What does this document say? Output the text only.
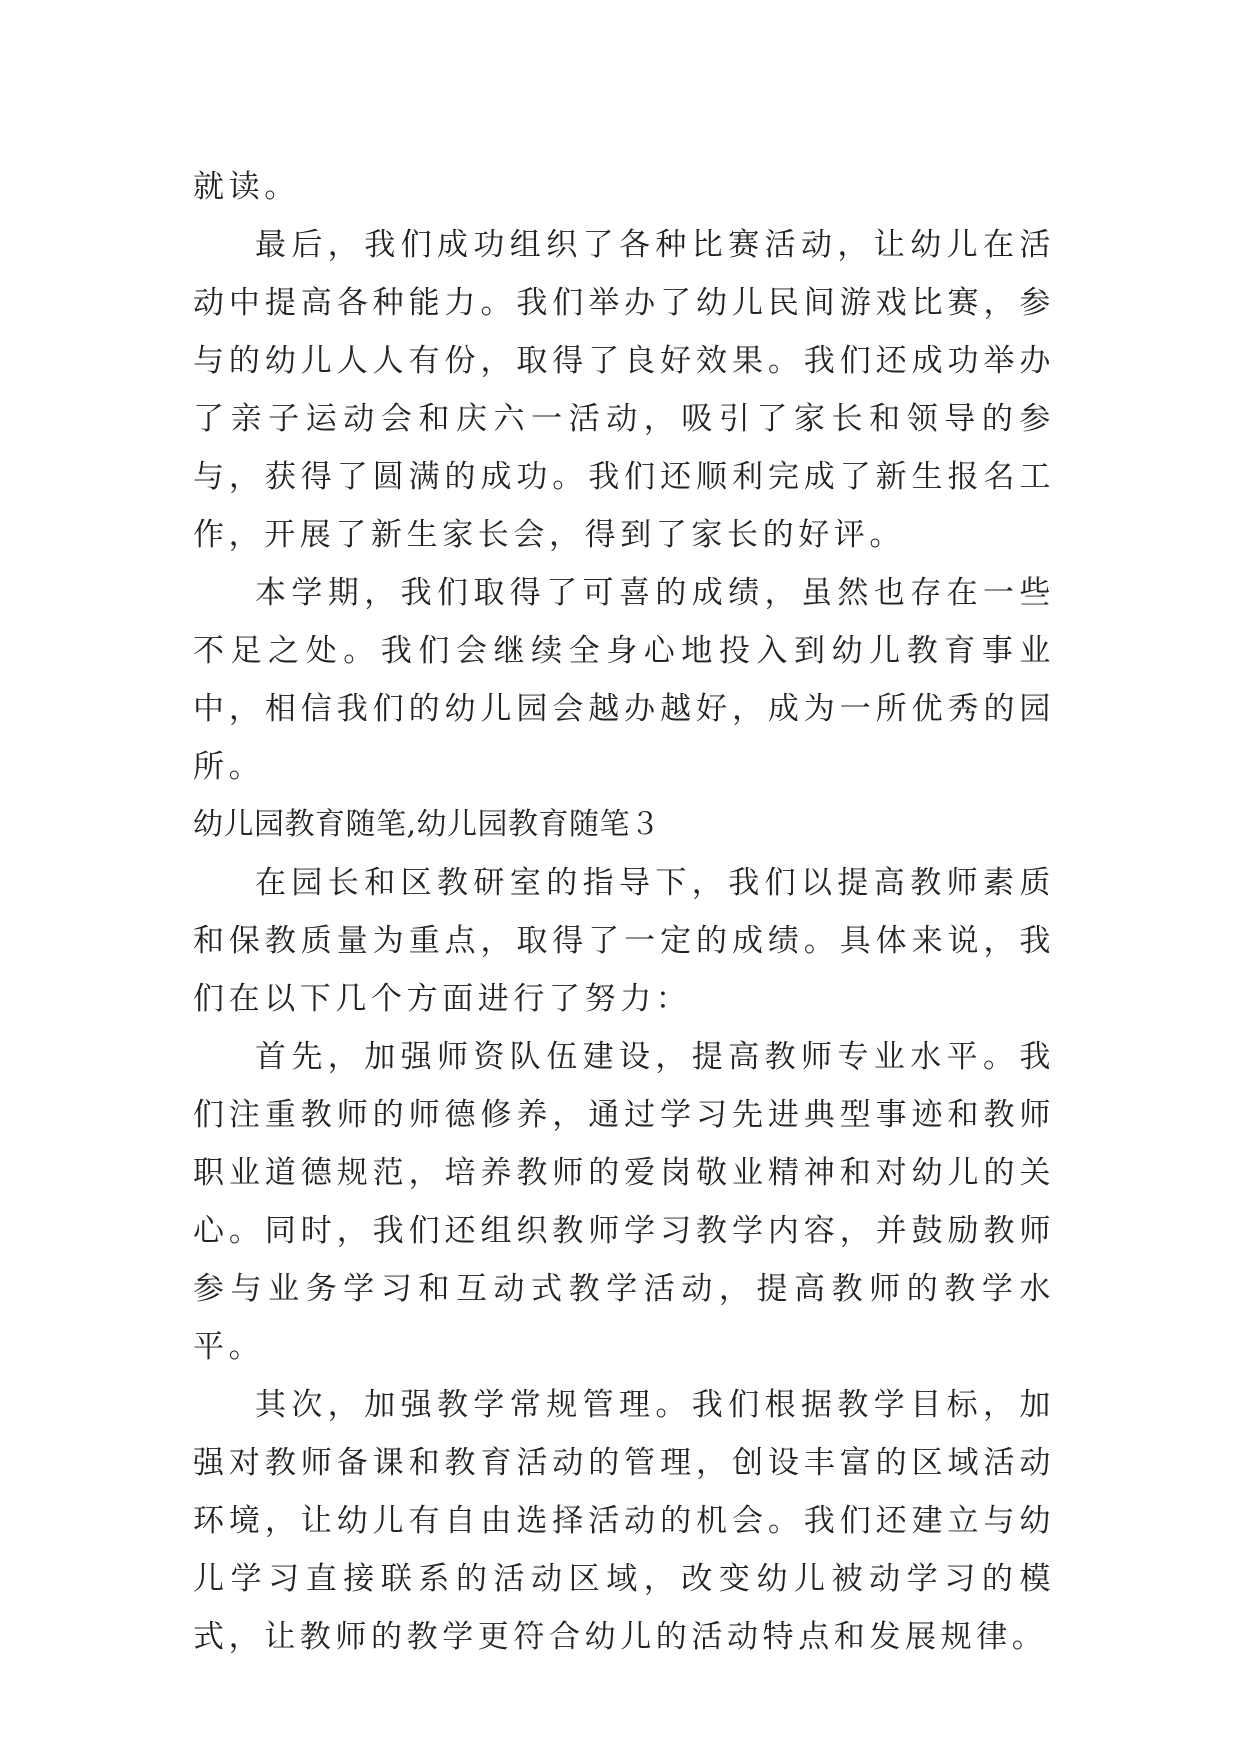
就读。

最后，我们成功组织了各种比赛活动，让幼儿在活动中提高各种能力。我们举办了幼儿民间游戏比赛，参与的幼儿人人有份，取得了良好效果。我们还成功举办了亲子运动会和庆六一活动，吸引了家长和领导的参与，获得了圆满的成功。我们还顺利完成了新生报名工作，开展了新生家长会，得到了家长的好评。

本学期，我们取得了可喜的成绩，虽然也存在一些不足之处。我们会继续全身心地投入到幼儿教育事业中，相信我们的幼儿园会越办越好，成为一所优秀的园所。

幼儿园教育随笔,幼儿园教育随笔３

在园长和区教研室的指导下，我们以提高教师素质和保教质量为重点，取得了一定的成绩。具体来说，我们在以下几个方面进行了努力：

首先，加强师资队伍建设，提高教师专业水平。我们注重教师的师德修养，通过学习先进典型事迹和教师职业道德规范，培养教师的爱岗敬业精神和对幼儿的关心。同时，我们还组织教师学习教学内容，并鼓励教师参与业务学习和互动式教学活动，提高教师的教学水平。

其次，加强教学常规管理。我们根据教学目标，加强对教师备课和教育活动的管理，创设丰富的区域活动环境，让幼儿有自由选择活动的机会。我们还建立与幼儿学习直接联系的活动区域，改变幼儿被动学习的模式，让教师的教学更符合幼儿的活动特点和发展规律。
